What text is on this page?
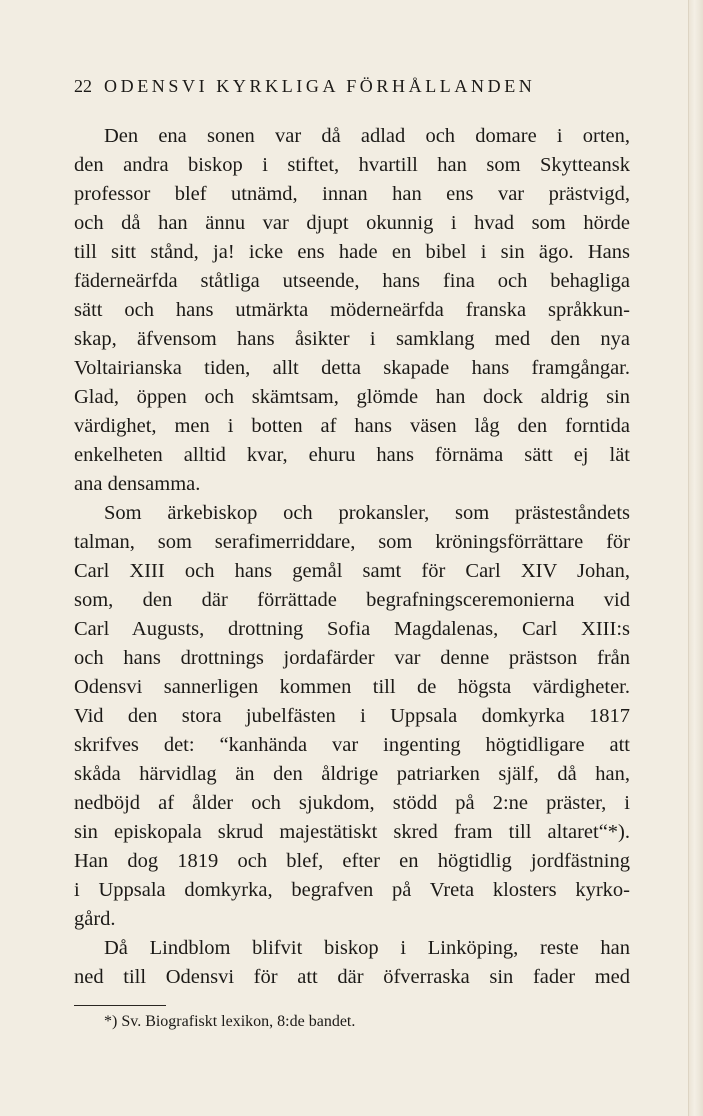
22 ODENSVI KYRKLIGA FÖRHÅLLANDEN
Den ena sonen var då adlad och domare i orten,
den andra biskop i stiftet, hvartill han som Skytteansk
professor blef utnämd, innan han ens var prästvigd,
och då han ännu var djupt okunnig i hvad som hörde
till sitt stånd, ja! icke ens hade en bibel i sin ägo. Hans
fäderneärfda ståtliga utseende, hans fina och behagliga
sätt och hans utmärkta möderneärfda franska språkkun-
skap, äfvensom hans åsikter i samklang med den nya
Voltairianska tiden, allt detta skapade hans framgångar.
Glad, öppen och skämtsam, glömde han dock aldrig sin
värdighet, men i botten af hans väsen låg den forntida
enkelheten alltid kvar, ehuru hans förnäma sätt ej lät
ana densamma.
Som ärkebiskop och prokansler, som prästeståndets
talman, som serafimerriddare, som kröningsförrättare för
Carl XIII och hans gemål samt för Carl XIV Johan,
som, den där förrättade begrafningsceremonierna vid
Carl Augusts, drottning Sofia Magdalenas, Carl XIII:s
och hans drottnings jordafärder var denne prästson från
Odensvi sannerligen kommen till de högsta värdigheter.
Vid den stora jubelfästen i Uppsala domkyrka 1817
skrifves det: “kanhända var ingenting högtidligare att
skåda härvidlag än den åldrige patriarken själf, då han,
nedböjd af ålder och sjukdom, stödd på 2:ne präster, i
sin episkopala skrud majestätiskt skred fram till altaret“*).
Han dog 1819 och blef, efter en högtidlig jordfästning
i Uppsala domkyrka, begrafven på Vreta klosters kyrko-
gård.
Då Lindblom blifvit biskop i Linköping, reste han
ned till Odensvi för att där öfverraska sin fader med
*) Sv. Biografiskt lexikon, 8:de bandet.
